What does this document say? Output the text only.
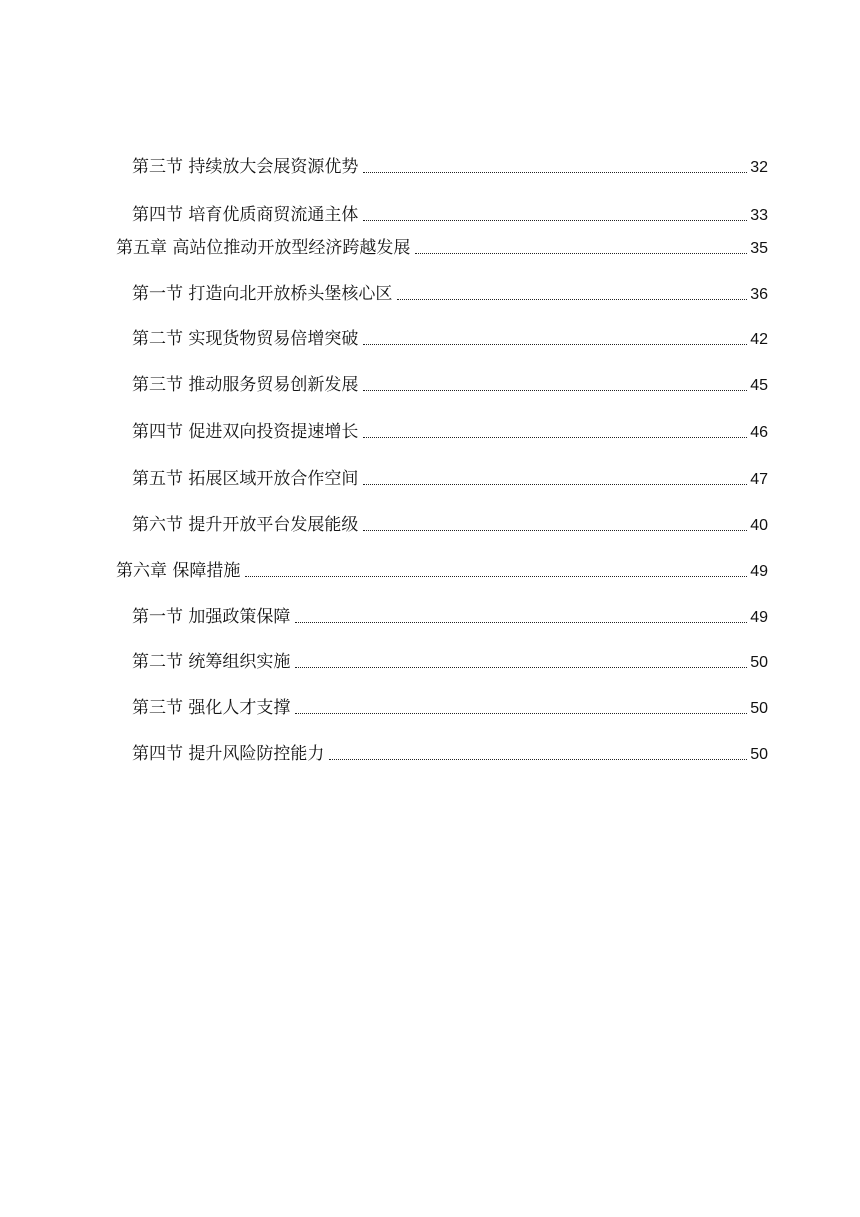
第三节 持续放大会展资源优势	32
第四节 培育优质商贸流通主体	33
第五章 高站位推动开放型经济跨越发展	35
第一节 打造向北开放桥头堡核心区	36
第二节 实现货物贸易倍增突破	42
第三节 推动服务贸易创新发展	45
第四节 促进双向投资提速增长	46
第五节 拓展区域开放合作空间	47
第六节 提升开放平台发展能级	40
第六章 保障措施	49
第一节 加强政策保障	49
第二节 统筹组织实施	50
第三节 强化人才支撑	50
第四节 提升风险防控能力	50
